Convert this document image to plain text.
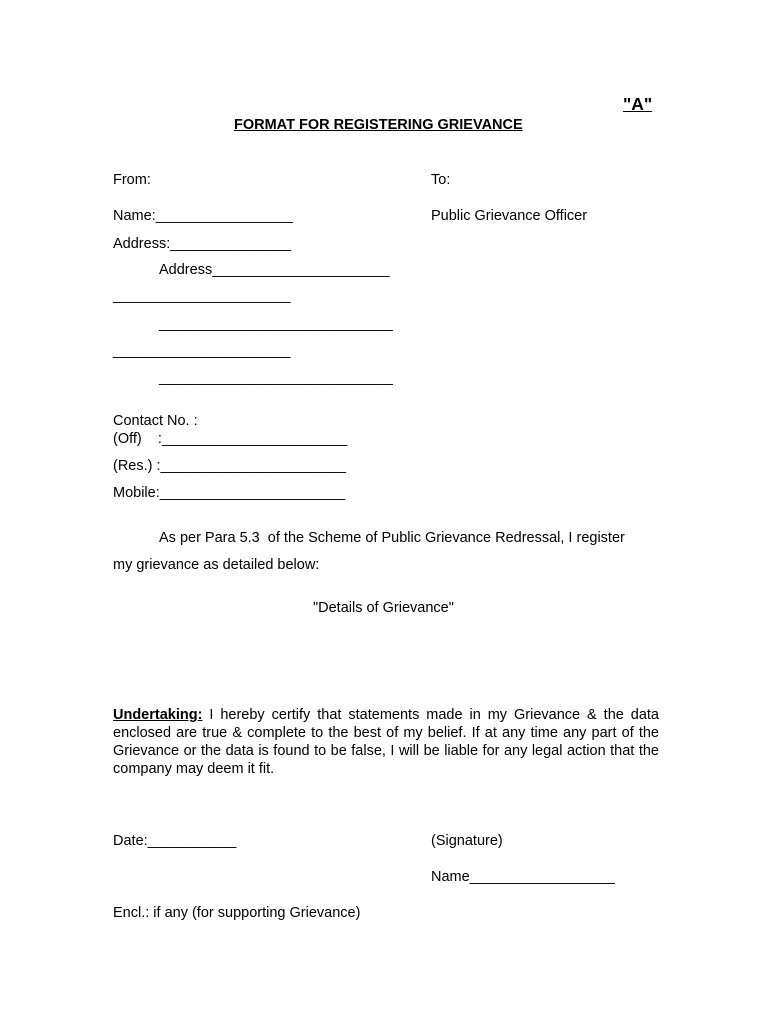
"A"
FORMAT FOR REGISTERING GRIEVANCE
From:	To:
Name:_________________	Public Grievance Officer
Address:_______________
Address______________________
______________________
_____________________________
______________________
_____________________________
Contact No. :
(Off)    :_______________________
(Res.) :_______________________
Mobile:_______________________
As per Para 5.3  of the Scheme of Public Grievance Redressal, I register
my grievance as detailed below:
"Details of Grievance"
Undertaking: I hereby certify that statements made in my Grievance & the data enclosed are true & complete to the best of my belief. If at any time any part of the Grievance or the data is found to be false, I will be liable for any legal action that the company may deem it fit.
Date:___________	(Signature)
Name__________________
Encl.: if any (for supporting Grievance)
